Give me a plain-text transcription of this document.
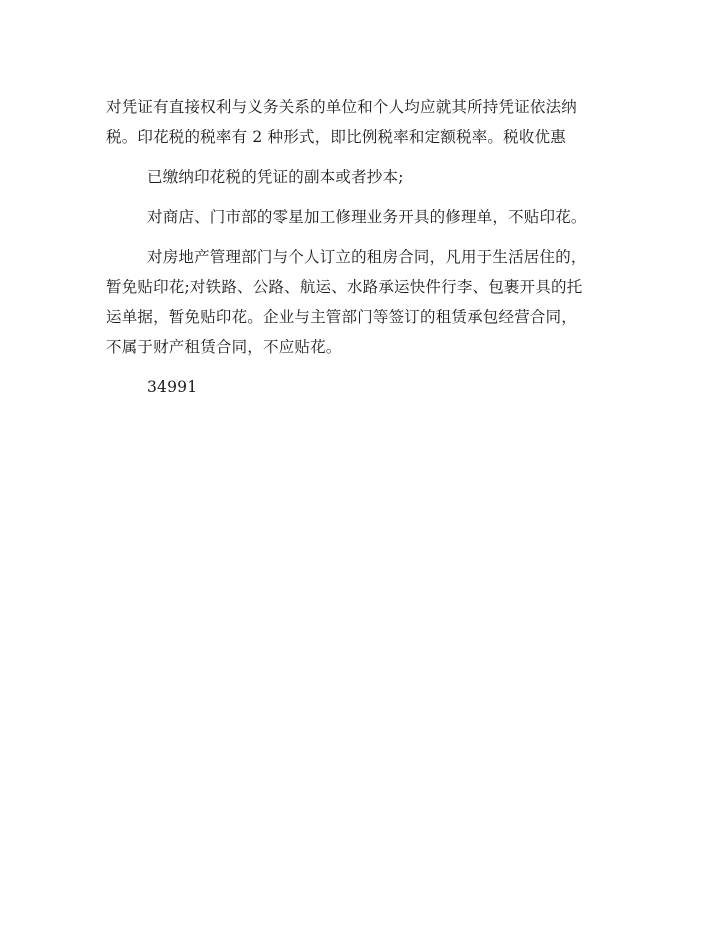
对凭证有直接权利与义务关系的单位和个人均应就其所持凭证依法纳
税。印花税的税率有 2 种形式，即比例税率和定额税率。税收优惠
已缴纳印花税的凭证的副本或者抄本;
对商店、门市部的零星加工修理业务开具的修理单，不贴印花。
对房地产管理部门与个人订立的租房合同，凡用于生活居住的，
暂免贴印花;对铁路、公路、航运、水路承运快件行李、包裹开具的托
运单据，暂免贴印花。企业与主管部门等签订的租赁承包经营合同，
不属于财产租赁合同，不应贴花。
34991
